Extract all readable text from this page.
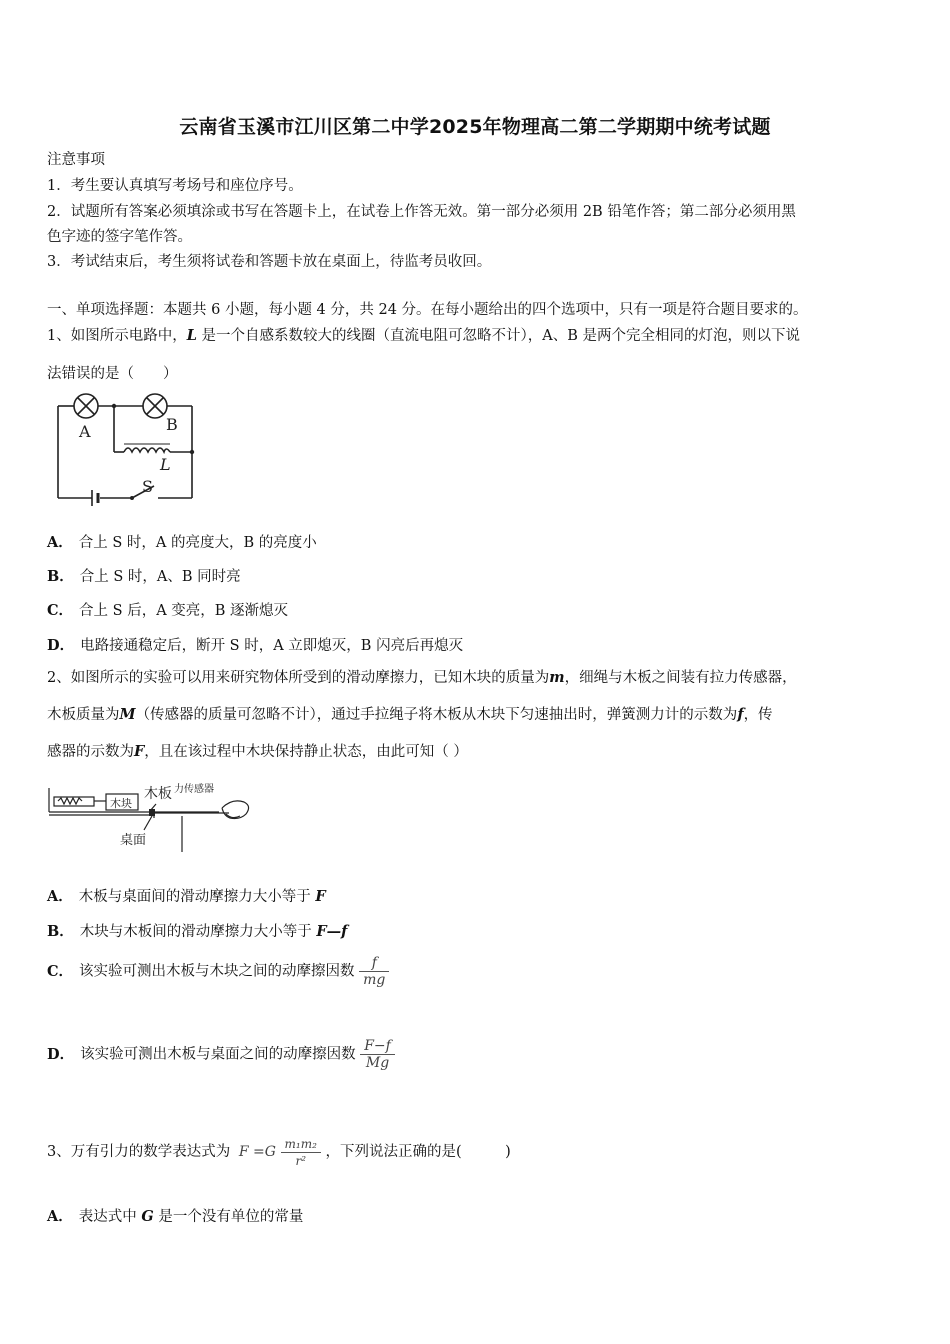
云南省玉溪市江川区第二中学2025年物理高二第二学期期中统考试题
注意事项
1．考生要认真填写考场号和座位序号。
2．试题所有答案必须填涂或书写在答题卡上，在试卷上作答无效。第一部分必须用 2B 铅笔作答；第二部分必须用黑
色字迹的签字笔作答。
3．考试结束后，考生须将试卷和答题卡放在桌面上，待监考员收回。
一、单项选择题：本题共 6 小题，每小题 4 分，共 24 分。在每小题给出的四个选项中，只有一项是符合题目要求的。
1、如图所示电路中，L 是一个自感系数较大的线圈（直流电阻可忽略不计），A、B 是两个完全相同的灯泡，则以下说
法错误的是（　　）
A	B
L
S
A． 合上 S 时，A 的亮度大，B 的亮度小
B． 合上 S 时，A、B 同时亮
C． 合上 S 后，A 变亮，B 逐渐熄灭
D． 电路接通稳定后，断开 S 时，A 立即熄灭，B 闪亮后再熄灭
2、如图所示的实验可以用来研究物体所受到的滑动摩擦力，已知木块的质量为m，细绳与木板之间装有拉力传感器，
木板质量为M（传感器的质量可忽略不计），通过手拉绳子将木板从木块下匀速抽出时，弹簧测力计的示数为f，传
感器的示数为F，且在该过程中木块保持静止状态，由此可知（ ）
木块
木板 力传感器
桌面
A． 木板与桌面间的滑动摩擦力大小等于 F
B． 木块与木板间的滑动摩擦力大小等于 F—f
C． 该实验可测出木板与木块之间的动摩擦因数 $\frac{f}{mg}$
D． 该实验可测出木板与桌面之间的动摩擦因数 $\frac{F-f}{Mg}$
3、万有引力的数学表达式为 $F =G \frac{\text{m₁m₂}}{\text{r²}}$ ，下列说法正确的是(　　　)
A． 表达式中 G 是一个没有单位的常量
